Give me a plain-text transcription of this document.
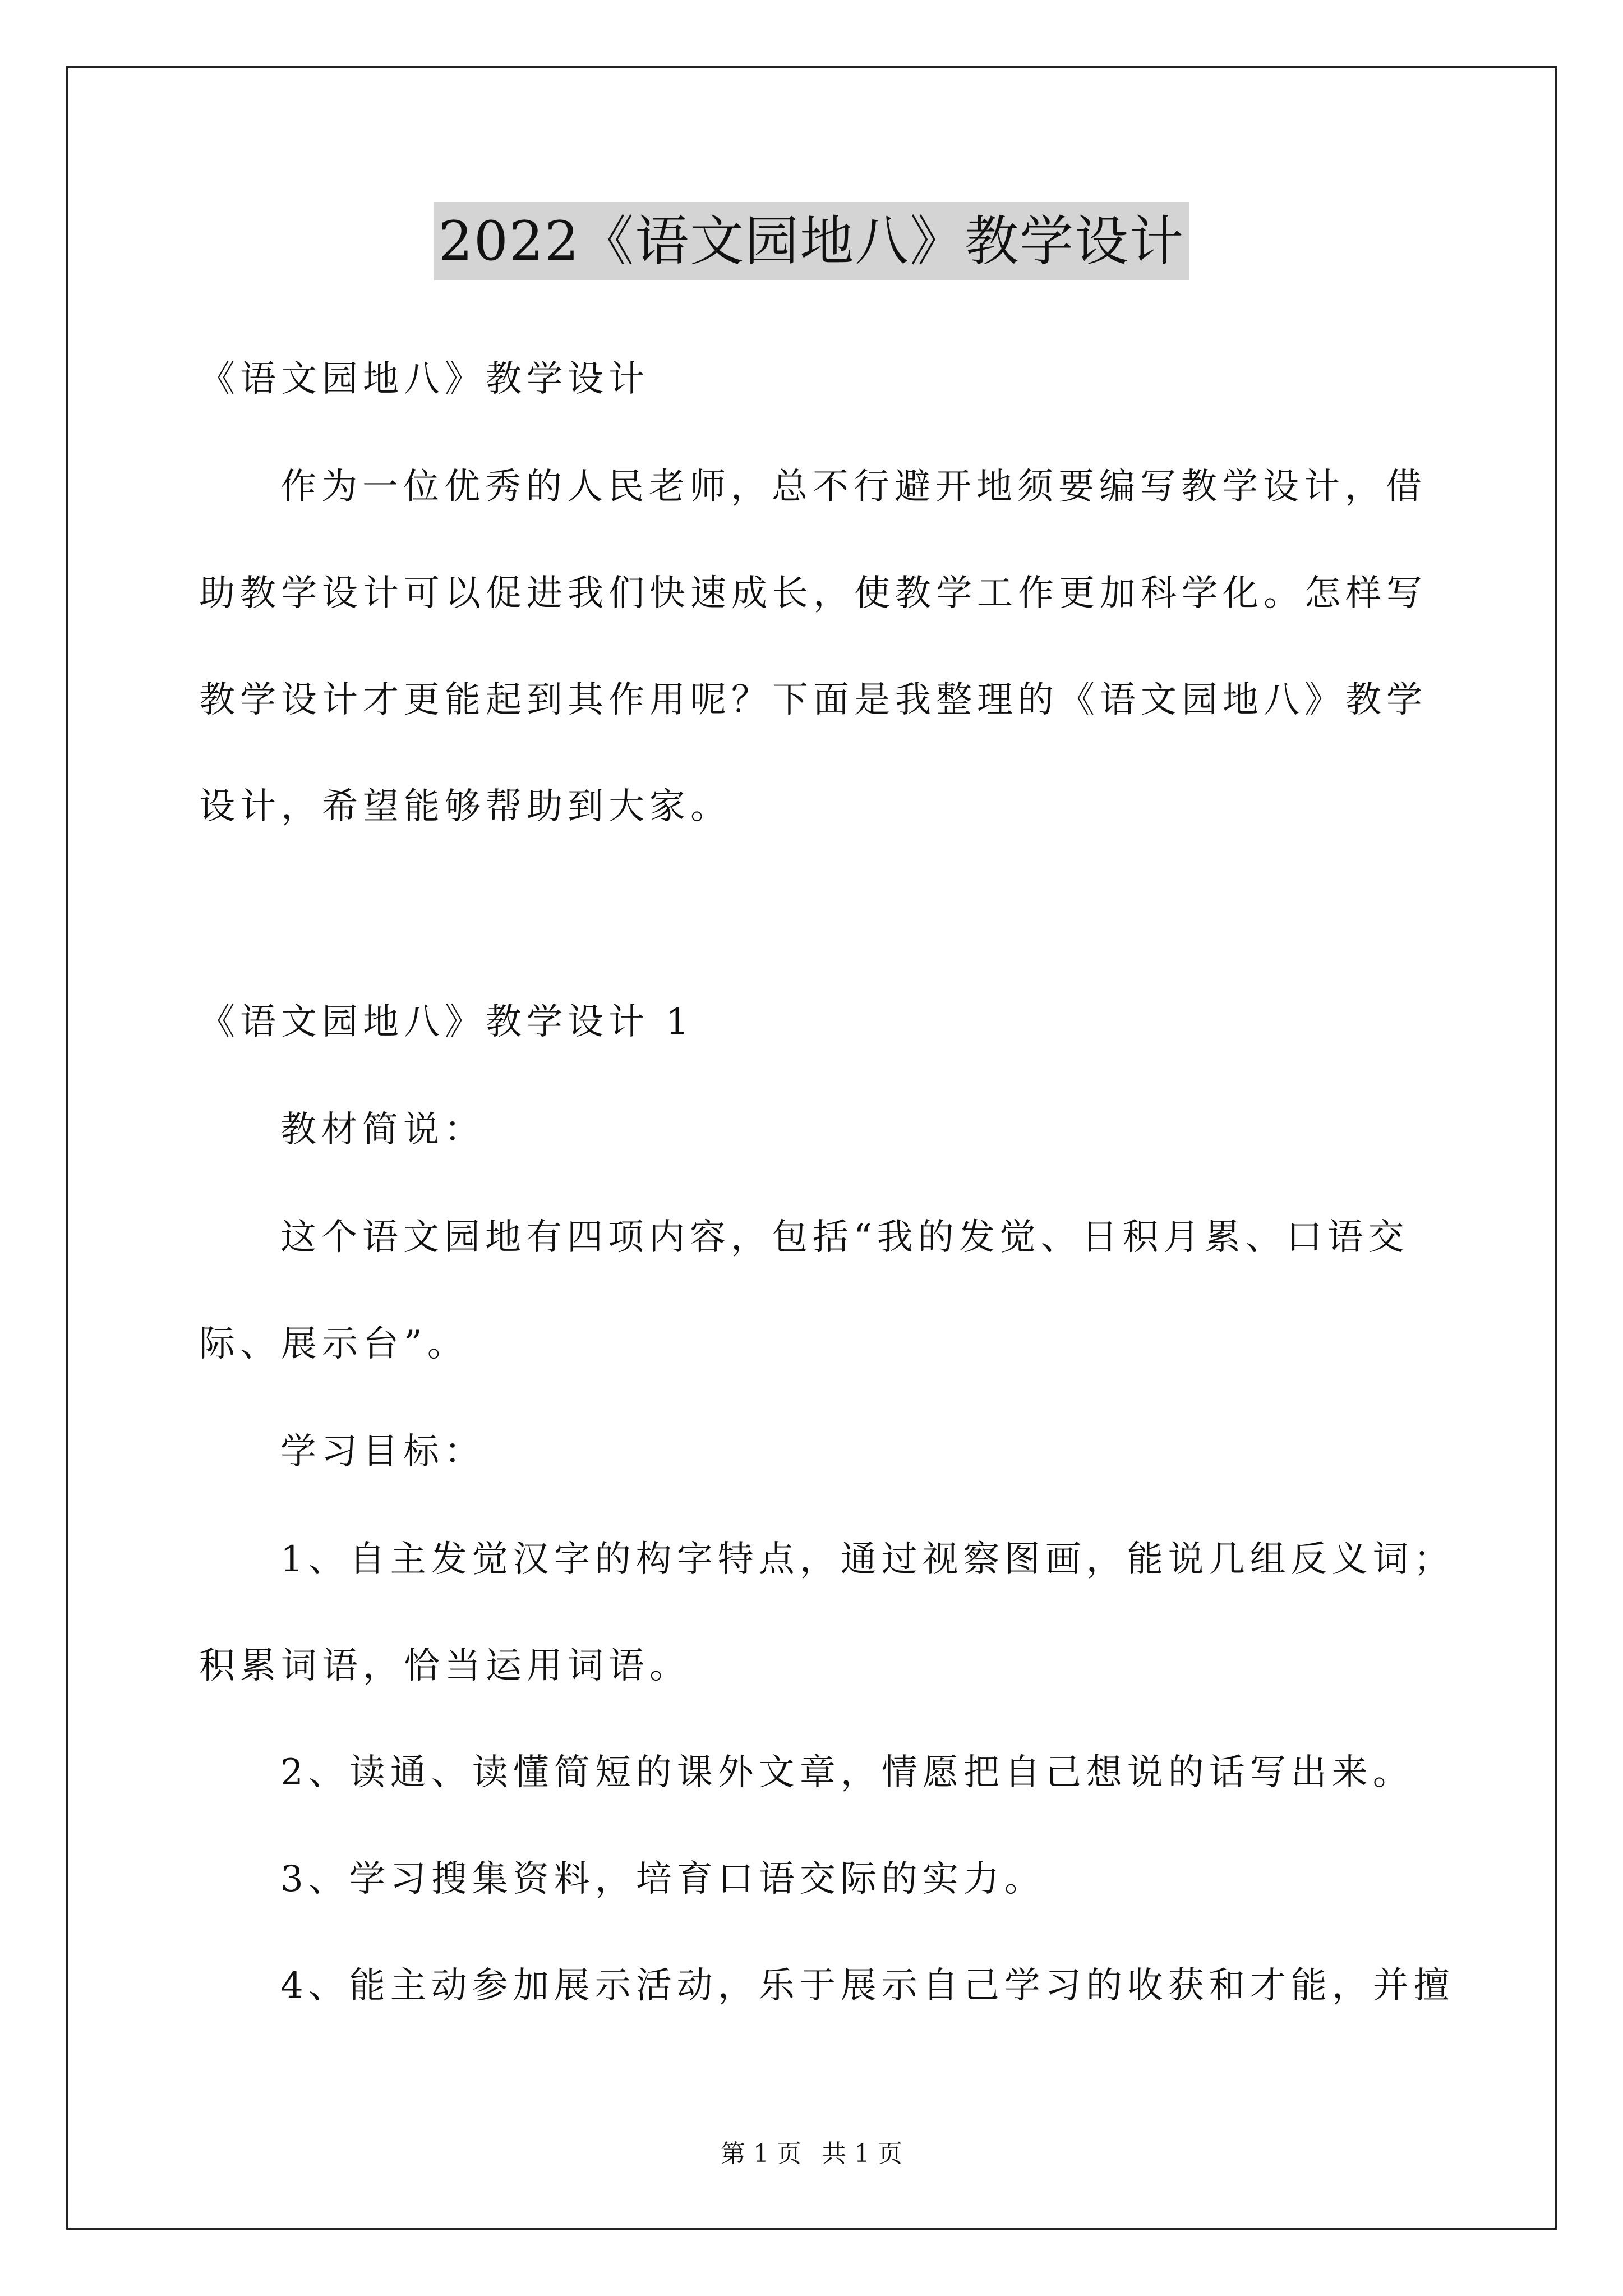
2022《语文园地八》教学设计
《语文园地八》教学设计
作为一位优秀的人民老师，总不行避开地须要编写教学设计，借
助教学设计可以促进我们快速成长，使教学工作更加科学化。怎样写
教学设计才更能起到其作用呢？下面是我整理的《语文园地八》教学
设计，希望能够帮助到大家。
《语文园地八》教学设计 1
教材简说：
这个语文园地有四项内容，包括“我的发觉、日积月累、口语交
际、展示台”。
学习目标：
1、自主发觉汉字的构字特点，通过视察图画，能说几组反义词；
积累词语，恰当运用词语。
2、读通、读懂简短的课外文章，情愿把自己想说的话写出来。
3、学习搜集资料，培育口语交际的实力。
4、能主动参加展示活动，乐于展示自己学习的收获和才能，并擅
第 1 页 共 1 页
